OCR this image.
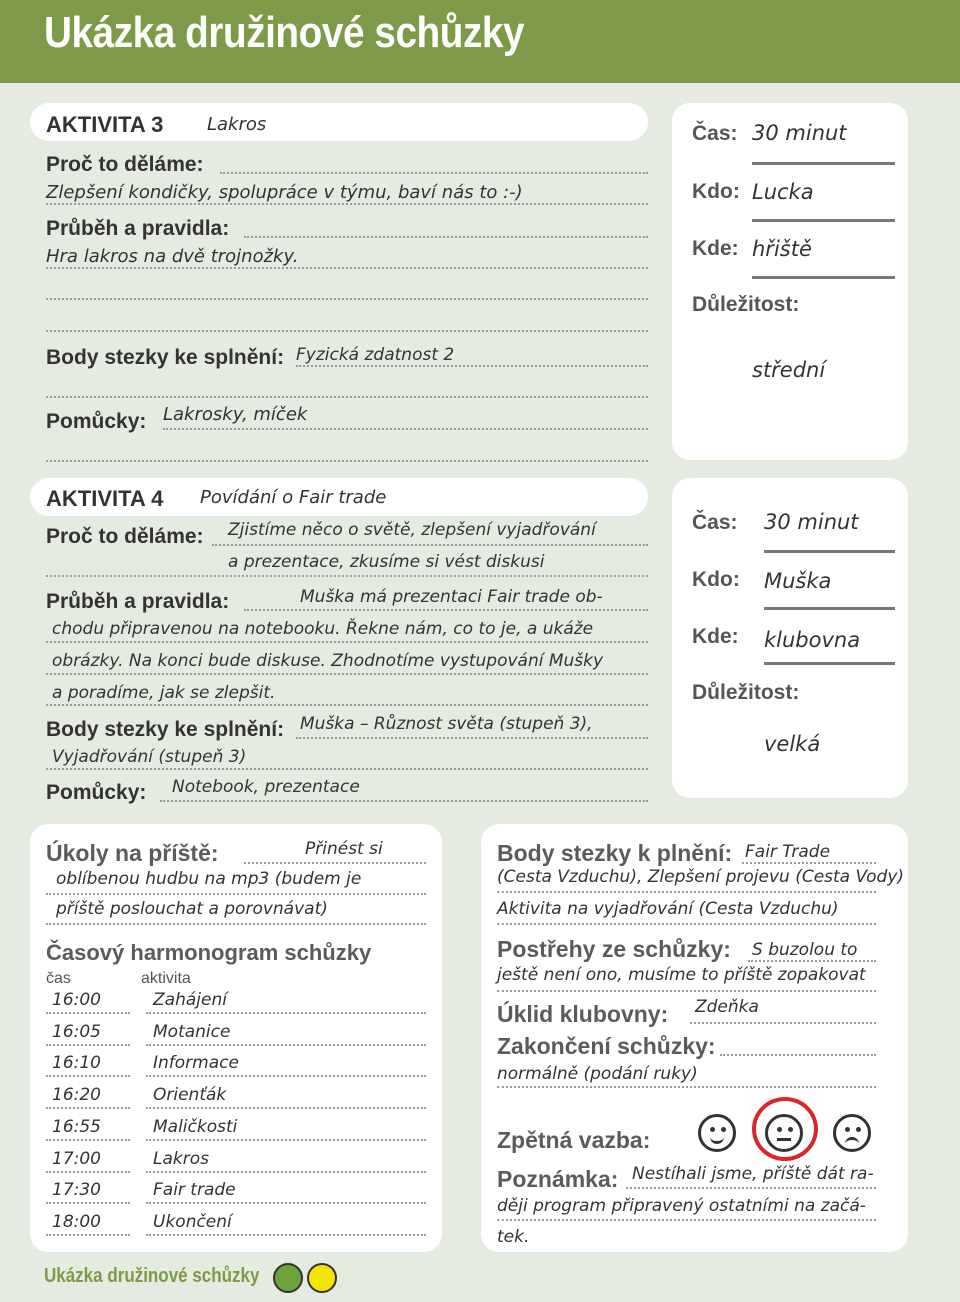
Ukázka družinové schůzky
AKTIVITA 3 Lakros
Proč to děláme:
Zlepšení kondičky, spolupráce v týmu, baví nás to :-)
Průběh a pravidla:
Hra lakros na dvě trojnožky.
Body stezky ke splnění: Fyzická zdatnost 2
Pomůcky: Lakrosky, míček
Čas: 30 minut
Kdo: Lucka
Kde: hřiště
Důležitost:
střední
AKTIVITA 4 Povídání o Fair trade
Proč to děláme: Zjistíme něco o světě, zlepšení vyjadřování
a prezentace, zkusíme si vést diskusi
Průběh a pravidla:	Muška má prezentaci Fair trade ob-
chodu připravenou na notebooku. Řekne nám, co to je, a ukáže
obrázky. Na konci bude diskuse. Zhodnotíme vystupování Mušky
a poradíme, jak se zlepšit.
Body stezky ke splnění: Muška – Různost světa (stupeň 3),
Vyjadřování (stupeň 3)
Pomůcky: Notebook, prezentace
Čas: 30 minut
Kdo: Muška
Kde: klubovna
Důležitost:
velká
Úkoly na příště:	Přinést si
oblíbenou hudbu na mp3 (budem je
příště poslouchat a porovnávat)
Časový harmonogram schůzky
čas	aktivita
16:00	Zahájení
16:05	Motanice
16:10	Informace
16:20	Orienťák
16:55	Maličkosti
17:00	Lakros
17:30	Fair trade
18:00	Ukončení
Body stezky k plnění: Fair Trade
(Cesta Vzduchu), Zlepšení projevu (Cesta Vody)
Aktivita na vyjadřování (Cesta Vzduchu)
Postřehy ze schůzky: S buzolou to
ještě není ono, musíme to příště zopakovat
Úklid klubovny: Zdeňka
Zakončení schůzky:
normálně (podání ruky)
Zpětná vazba:
Poznámka: Nestíhali jsme, příště dát ra-
ději program připravený ostatními na začá-
tek.
Ukázka družinové schůzky
